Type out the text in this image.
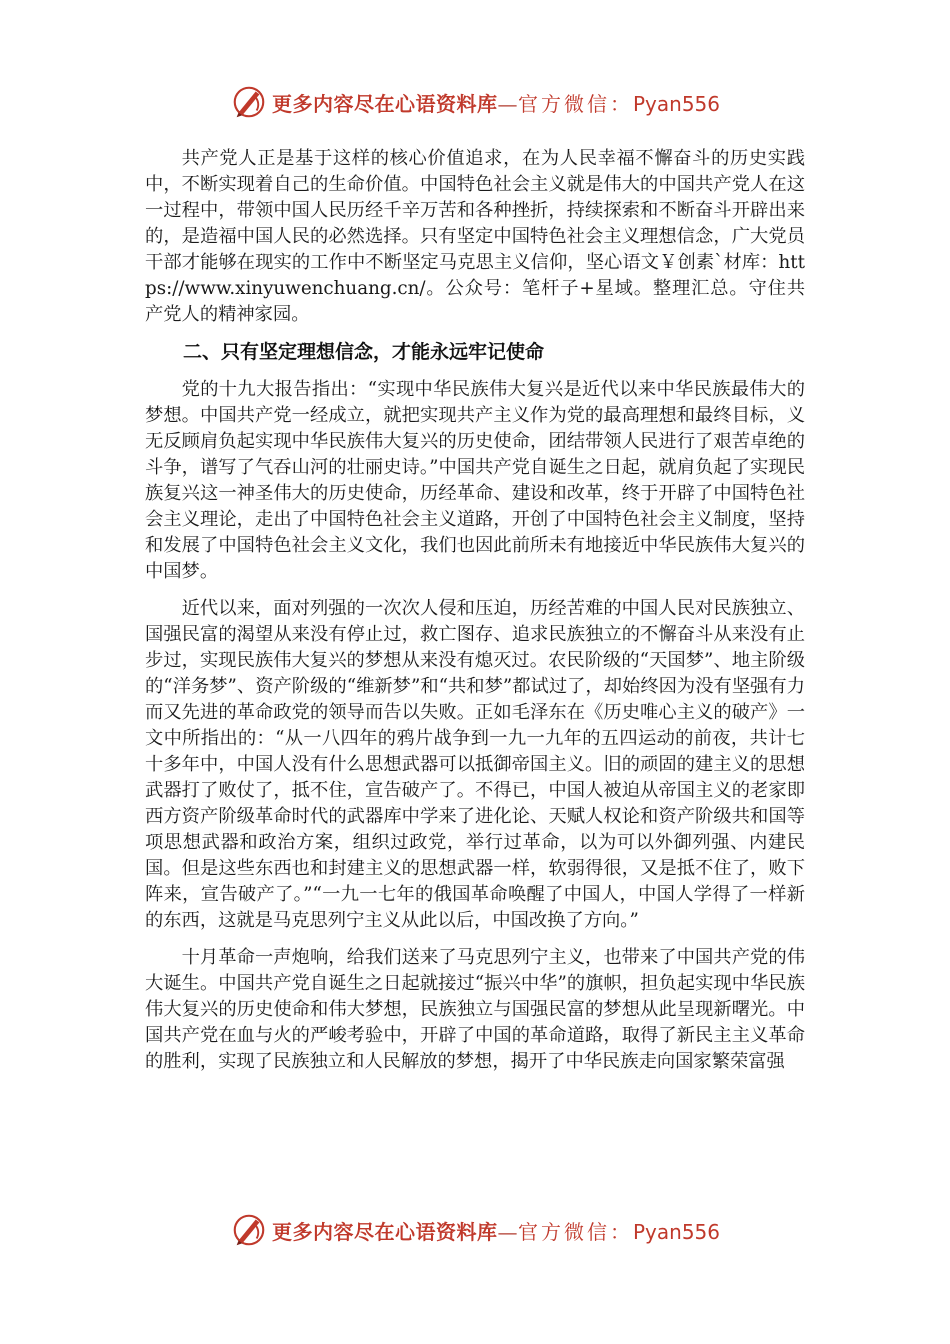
更多内容尽在心语资料库—官方微信：Pyan556

共产党人正是基于这样的核心价值追求，在为人民幸福不懈奋斗的历史实践中，不断实现着自己的生命价值。中国特色社会主义就是伟大的中国共产党人在这一过程中，带领中国人民历经千辛万苦和各种挫折，持续探索和不断奋斗开辟出来的，是造福中国人民的必然选择。只有坚定中国特色社会主义理想信念，广大党员干部才能够在现实的工作中不断坚定马克思主义信仰，坚心语文￥创素`材库：https://www.xinyuwenchuang.cn/。公众号：笔杆子+星域。整理汇总。守住共产党人的精神家园。

二、只有坚定理想信念，才能永远牢记使命

党的十九大报告指出：“实现中华民族伟大复兴是近代以来中华民族最伟大的梦想。中国共产党一经成立，就把实现共产主义作为党的最高理想和最终目标，义无反顾肩负起实现中华民族伟大复兴的历史使命，团结带领人民进行了艰苦卓绝的斗争，谱写了气吞山河的壮丽史诗。”中国共产党自诞生之日起，就肩负起了实现民族复兴这一神圣伟大的历史使命，历经革命、建设和改革，终于开辟了中国特色社会主义理论，走出了中国特色社会主义道路，开创了中国特色社会主义制度，坚持和发展了中国特色社会主义文化，我们也因此前所未有地接近中华民族伟大复兴的中国梦。

近代以来，面对列强的一次次人侵和压迫，历经苦难的中国人民对民族独立、国强民富的渴望从来没有停止过，救亡图存、追求民族独立的不懈奋斗从来没有止步过，实现民族伟大复兴的梦想从来没有熄灭过。农民阶级的“天国梦”、地主阶级的“洋务梦”、资产阶级的“维新梦”和“共和梦”都试过了，却始终因为没有坚强有力而又先进的革命政党的领导而告以失败。正如毛泽东在《历史唯心主义的破产》一文中所指出的：“从一八四年的鸦片战争到一九一九年的五四运动的前夜，共计七十多年中，中国人没有什么思想武器可以抵御帝国主义。旧的顽固的建主义的思想武器打了败仗了，抵不住，宣告破产了。不得已，中国人被迫从帝国主义的老家即西方资产阶级革命时代的武器库中学来了进化论、天赋人权论和资产阶级共和国等项思想武器和政治方案，组织过政党，举行过革命，以为可以外御列强、内建民国。但是这些东西也和封建主义的思想武器一样，软弱得很，又是抵不住了，败下阵来，宣告破产了。”“一九一七年的俄国革命唤醒了中国人，中国人学得了一样新的东西，这就是马克思列宁主义从此以后，中国改换了方向。”

十月革命一声炮响，给我们送来了马克思列宁主义，也带来了中国共产党的伟大诞生。中国共产党自诞生之日起就接过“振兴中华”的旗帜，担负起实现中华民族伟大复兴的历史使命和伟大梦想，民族独立与国强民富的梦想从此呈现新曙光。中国共产党在血与火的严峻考验中，开辟了中国的革命道路，取得了新民主主义革命的胜利，实现了民族独立和人民解放的梦想，揭开了中华民族走向国家繁荣富强

更多内容尽在心语资料库—官方微信：Pyan556
